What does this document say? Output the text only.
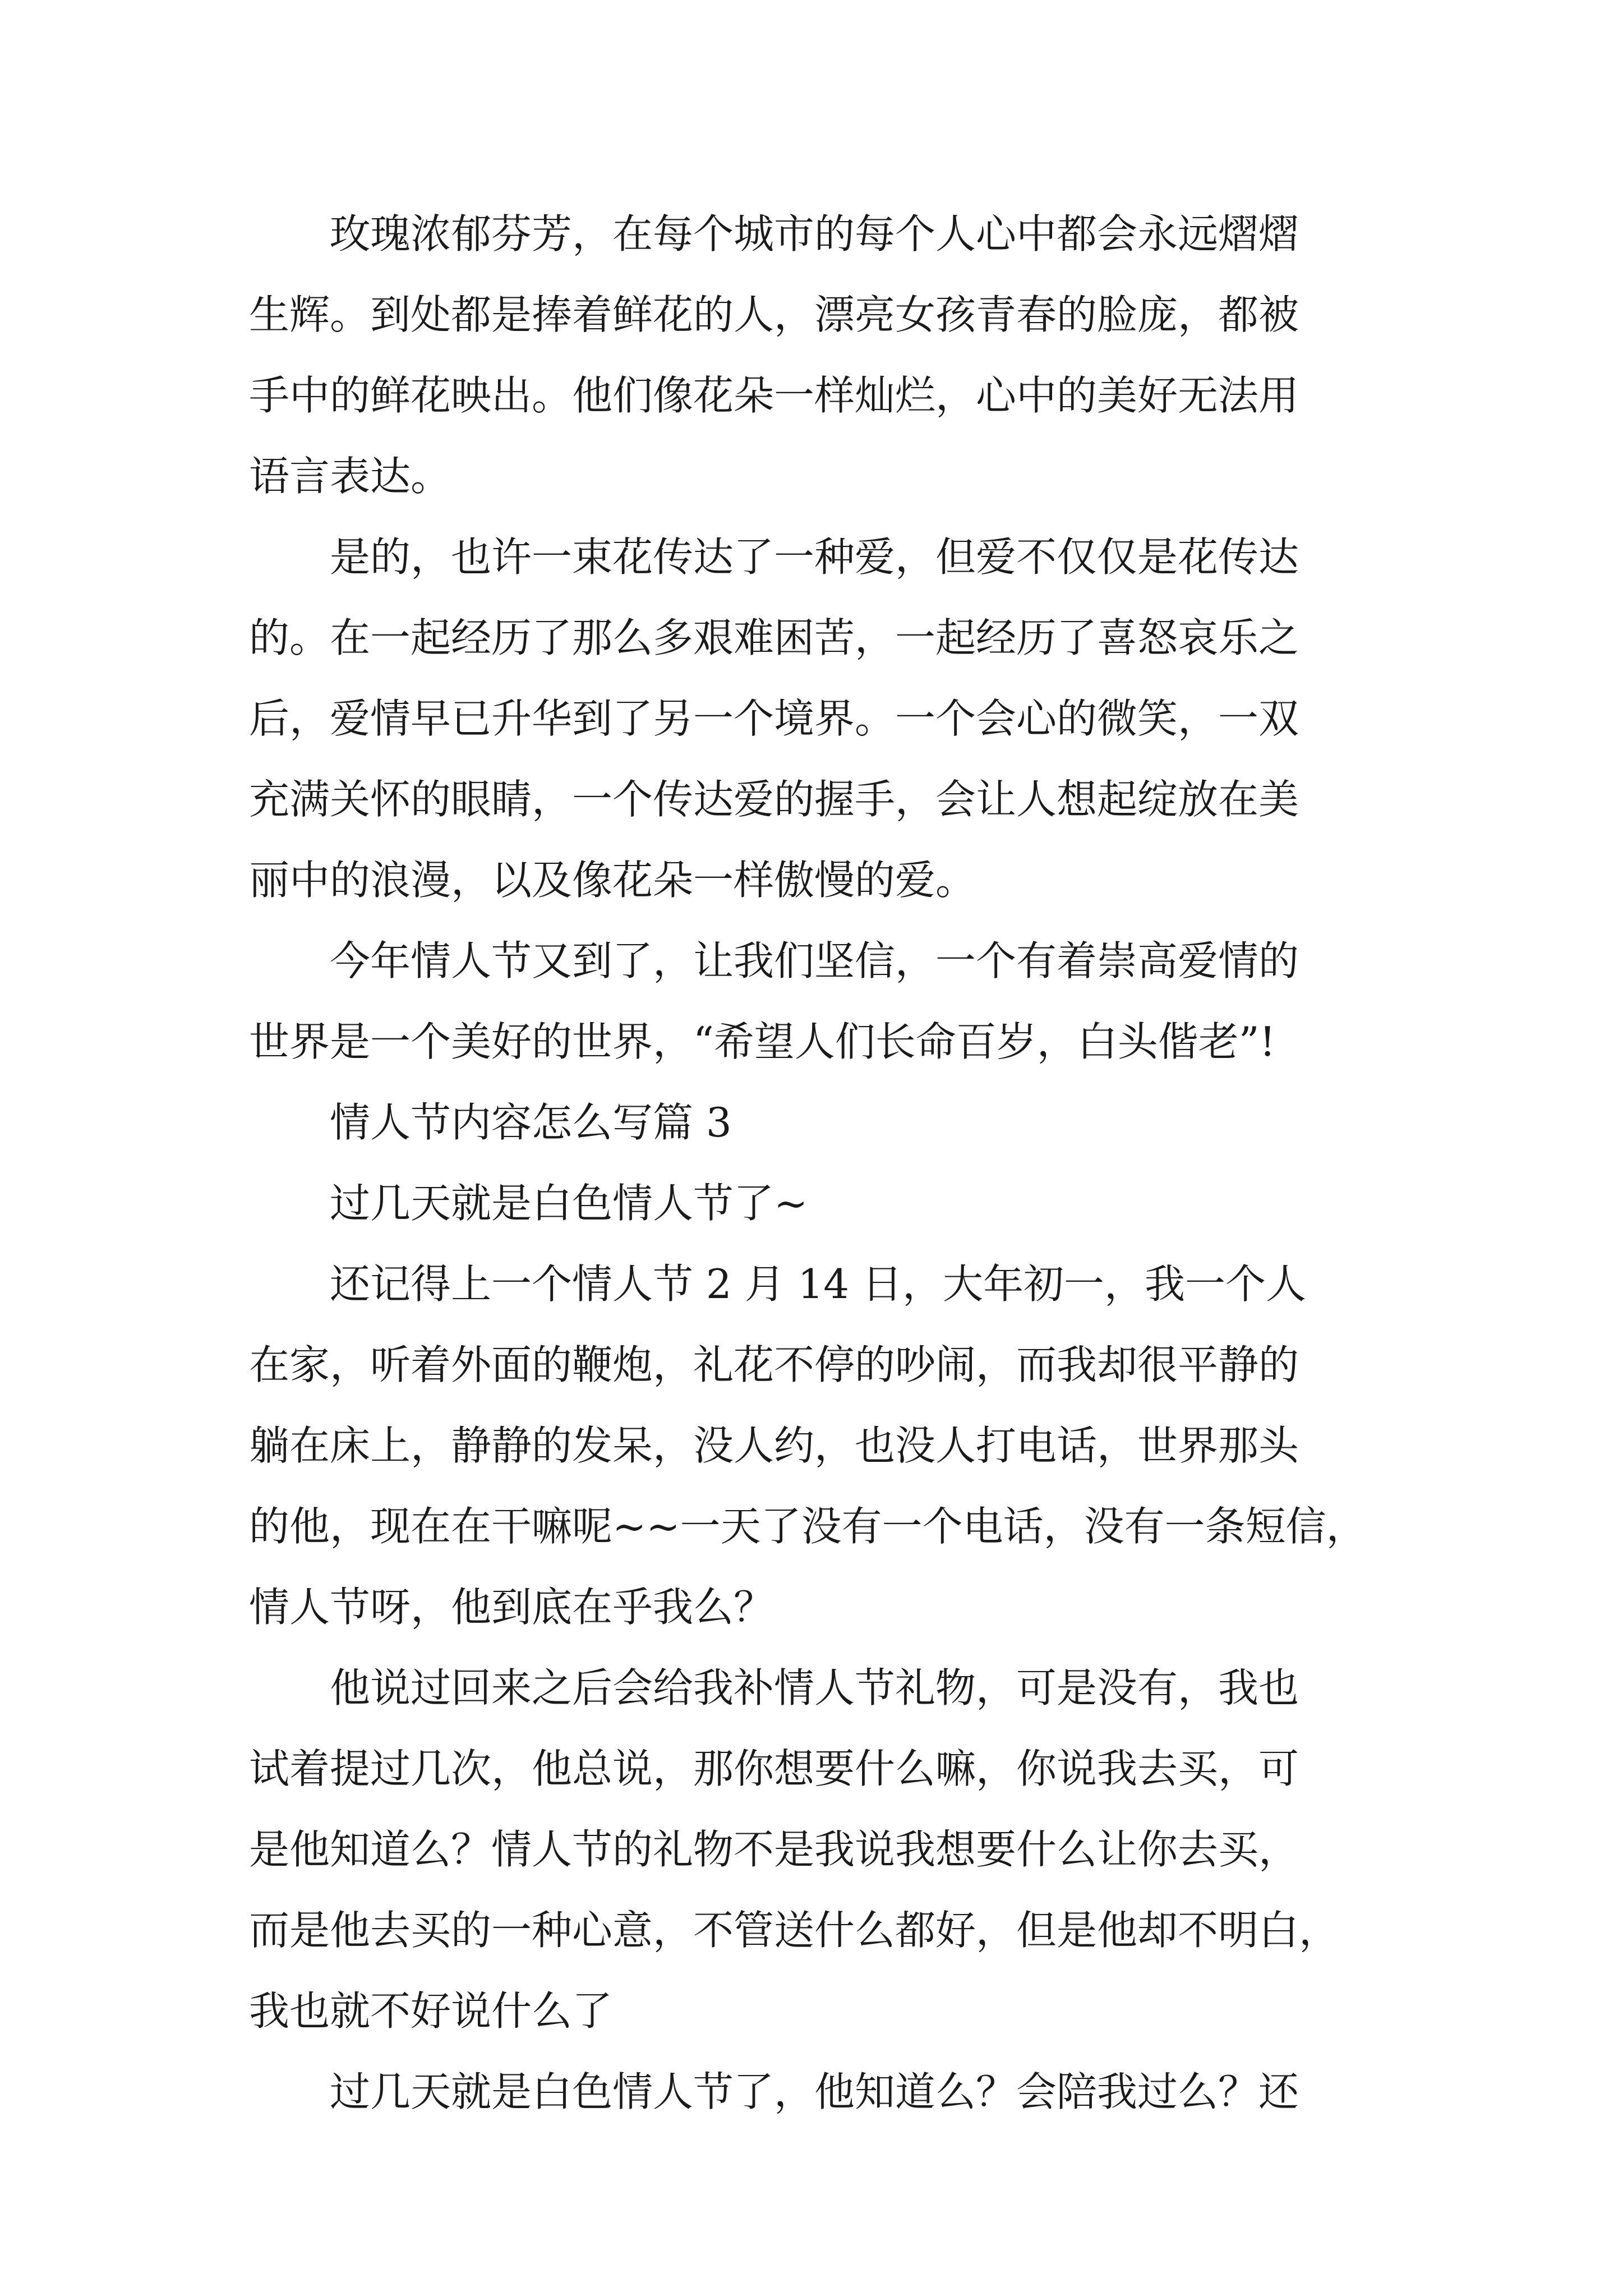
　　玫瑰浓郁芬芳，在每个城市的每个人心中都会永远熠熠
生辉。到处都是捧着鲜花的人，漂亮女孩青春的脸庞，都被
手中的鲜花映出。他们像花朵一样灿烂，心中的美好无法用
语言表达。
　　是的，也许一束花传达了一种爱，但爱不仅仅是花传达
的。在一起经历了那么多艰难困苦，一起经历了喜怒哀乐之
后，爱情早已升华到了另一个境界。一个会心的微笑，一双
充满关怀的眼睛，一个传达爱的握手，会让人想起绽放在美
丽中的浪漫，以及像花朵一样傲慢的爱。
　　今年情人节又到了，让我们坚信，一个有着崇高爱情的
世界是一个美好的世界，“希望人们长命百岁，白头偕老”!
　　情人节内容怎么写篇 3
　　过几天就是白色情人节了~
　　还记得上一个情人节 2 月 14 日，大年初一，我一个人
在家，听着外面的鞭炮，礼花不停的吵闹，而我却很平静的
躺在床上，静静的发呆，没人约，也没人打电话，世界那头
的他，现在在干嘛呢~~一天了没有一个电话，没有一条短信，
情人节呀，他到底在乎我么？
　　他说过回来之后会给我补情人节礼物，可是没有，我也
试着提过几次，他总说，那你想要什么嘛，你说我去买，可
是他知道么？情人节的礼物不是我说我想要什么让你去买，
而是他去买的一种心意，不管送什么都好，但是他却不明白，
我也就不好说什么了
　　过几天就是白色情人节了，他知道么？会陪我过么？还
